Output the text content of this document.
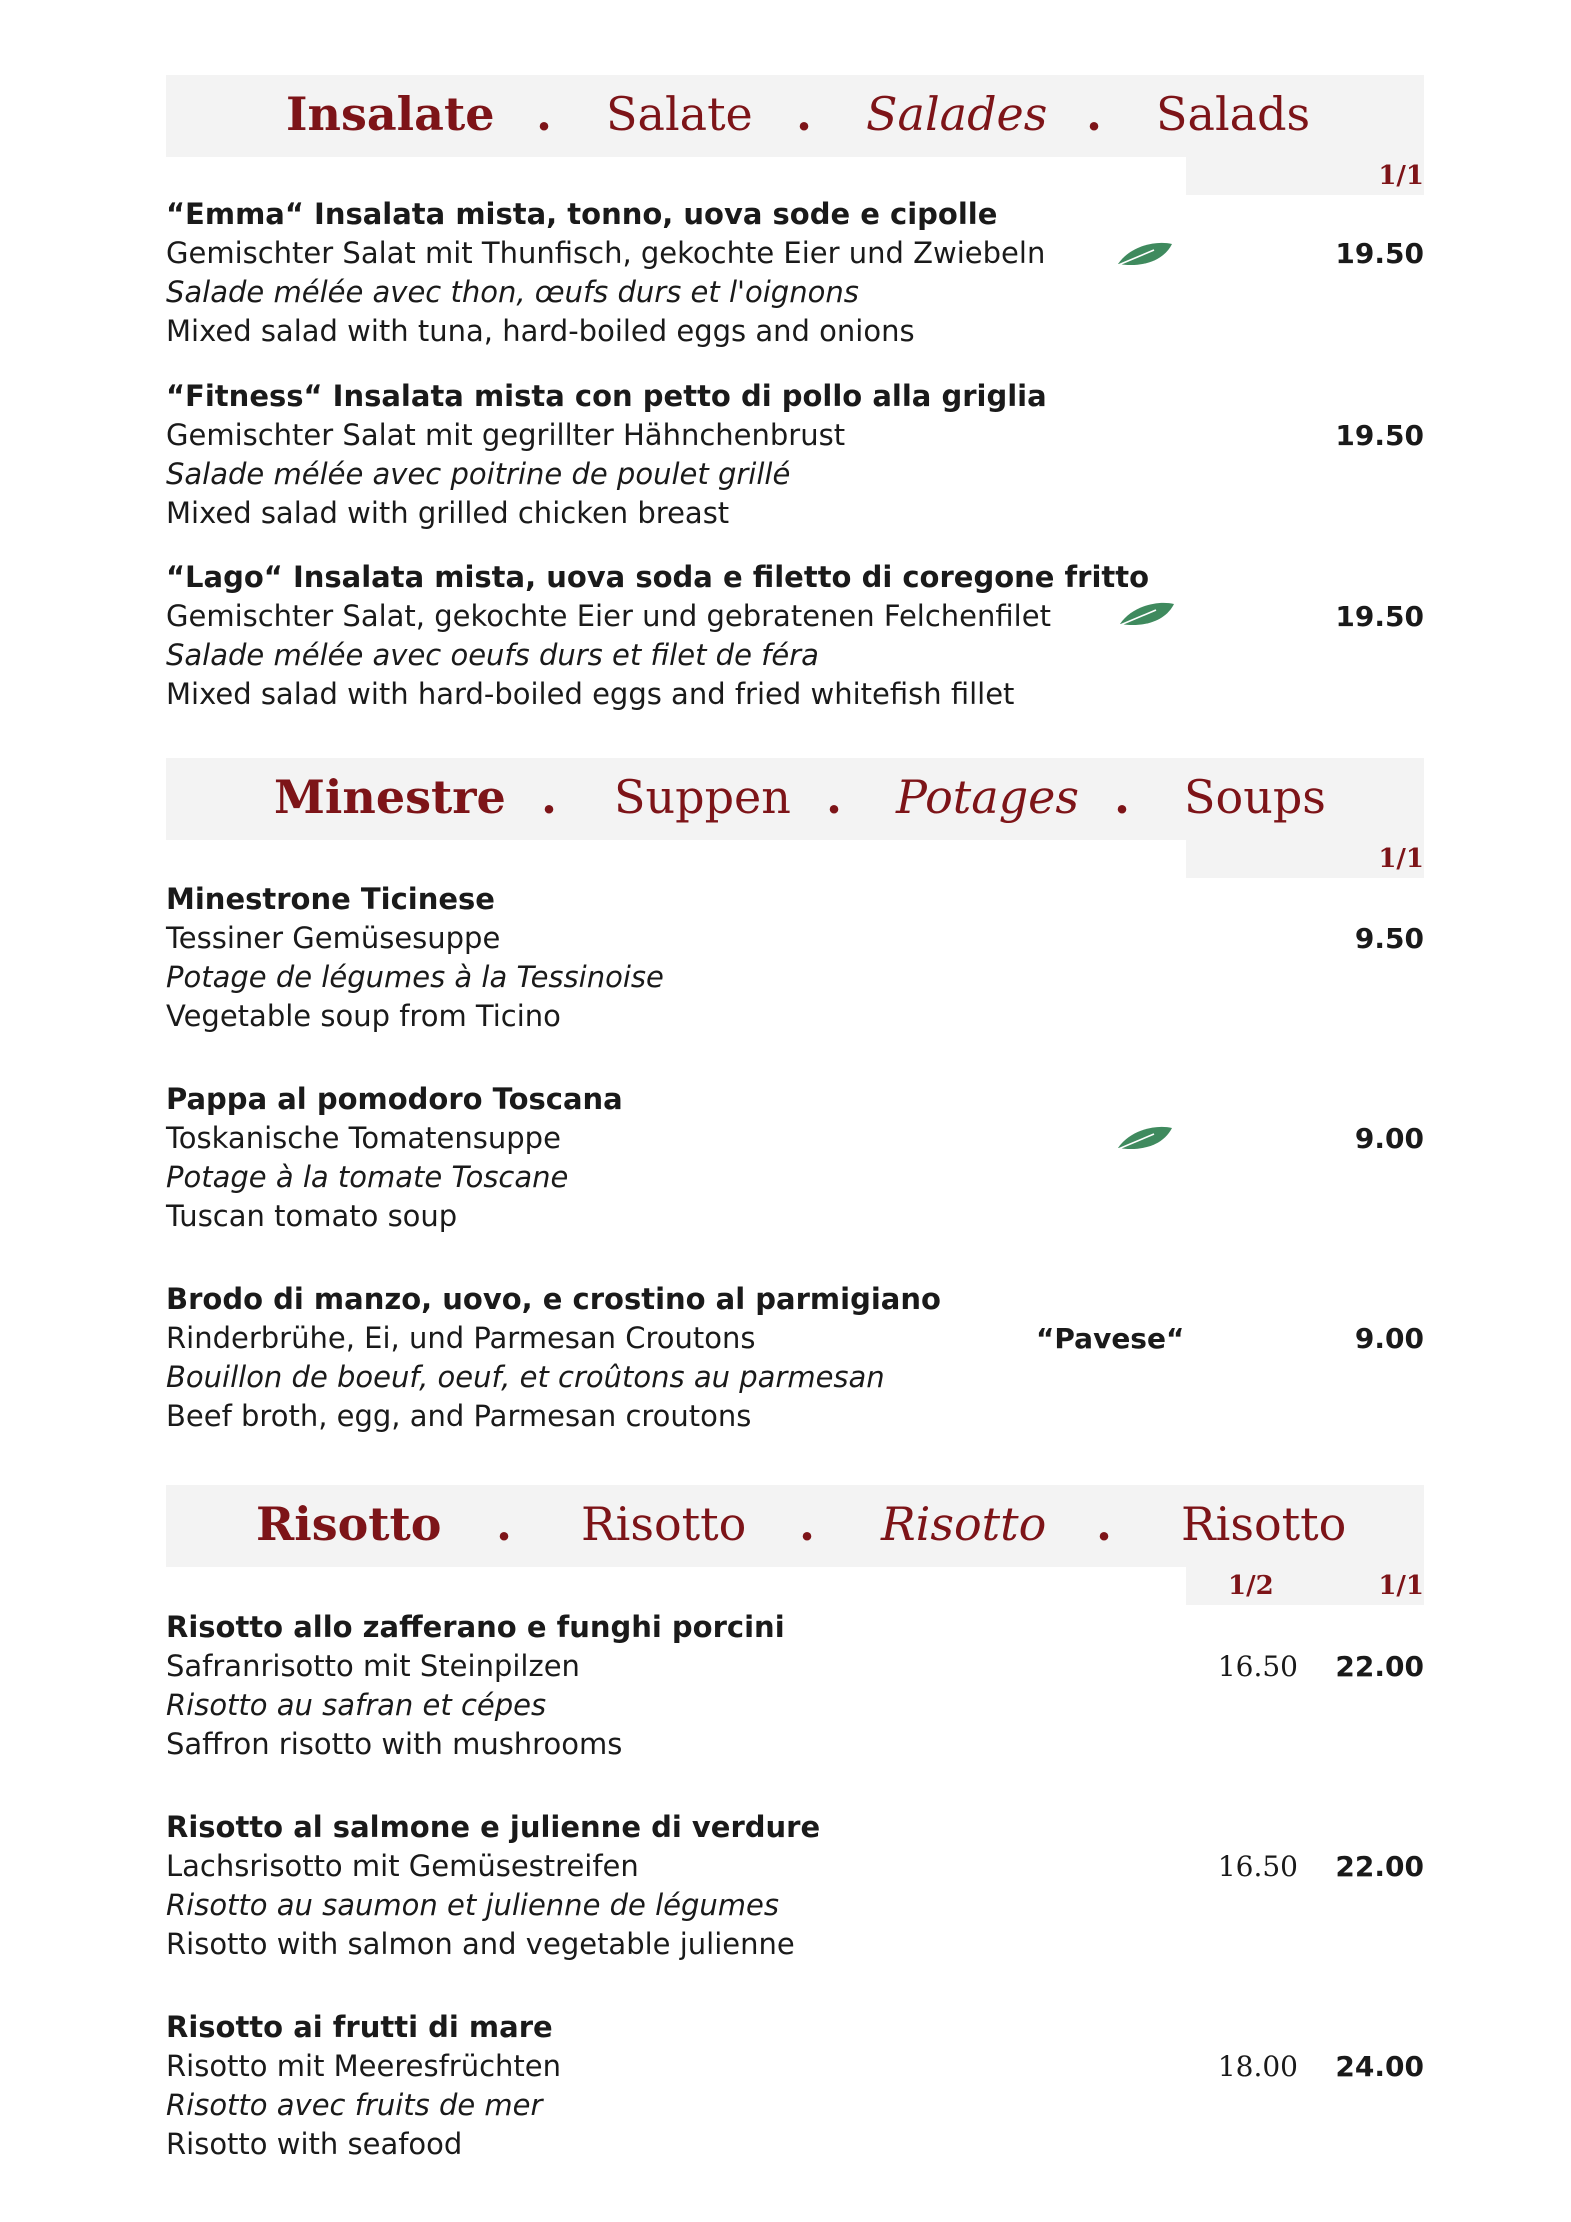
Insalate . Salate . Salades . Salads
1/1
“Emma“ Insalata mista, tonno, uova sode e cipolle
Gemischter Salat mit Thunfisch, gekochte Eier und Zwiebeln
Salade mélée avec thon, œufs durs et l'oignons
Mixed salad with tuna, hard-boiled eggs and onions
19.50
“Fitness“ Insalata mista con petto di pollo alla griglia
Gemischter Salat mit gegrillter Hähnchenbrust
Salade mélée avec poitrine de poulet grillé
Mixed salad with grilled chicken breast
19.50
“Lago“ Insalata mista, uova soda e filetto di coregone fritto
Gemischter Salat, gekochte Eier und gebratenen Felchenfilet
Salade mélée avec oeufs durs et filet de féra
Mixed salad with hard-boiled eggs and fried whitefish fillet
19.50
Minestre . Suppen . Potages . Soups
1/1
Minestrone Ticinese
Tessiner Gemüsesuppe
Potage de légumes à la Tessinoise
Vegetable soup from Ticino
9.50
Pappa al pomodoro Toscana
Toskanische Tomatensuppe
Potage à la tomate Toscane
Tuscan tomato soup
9.00
Brodo di manzo, uovo, e crostino al parmigiano
Rinderbrühe, Ei, und Parmesan Croutons
Bouillon de boeuf, oeuf, et croûtons au parmesan
Beef broth, egg, and Parmesan croutons
“Pavese“	9.00
Risotto . Risotto . Risotto . Risotto
1/2	1/1
Risotto allo zafferano e funghi porcini
Safranrisotto mit Steinpilzen
Risotto au safran et cépes
Saffron risotto with mushrooms
16.50 22.00
Risotto al salmone e julienne di verdure
Lachsrisotto mit Gemüsestreifen
Risotto au saumon et julienne de légumes
Risotto with salmon and vegetable julienne
16.50 22.00
Risotto ai frutti di mare
Risotto mit Meeresfrüchten
Risotto avec fruits de mer
Risotto with seafood
18.00 24.00
